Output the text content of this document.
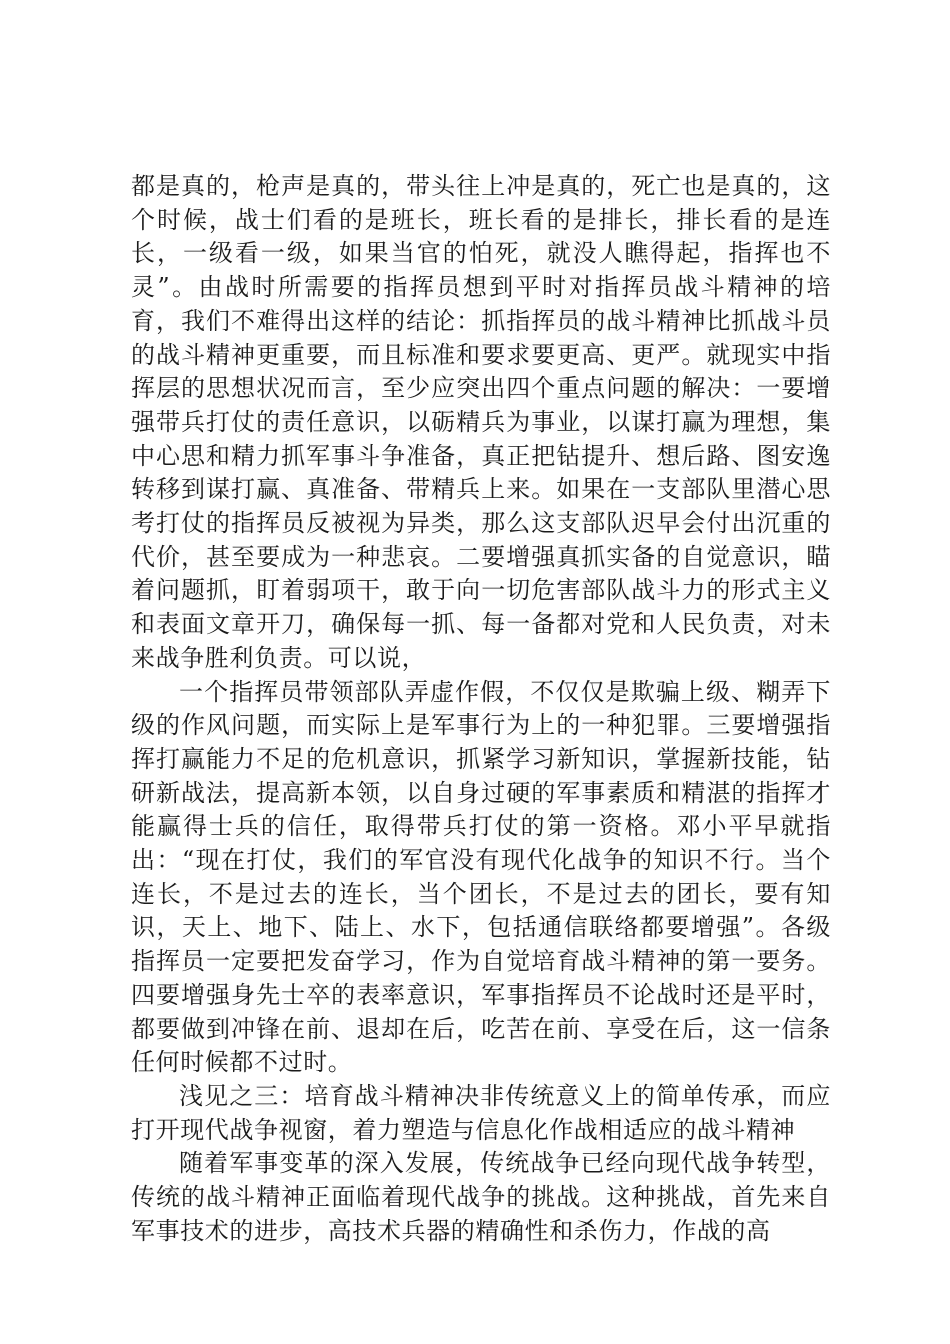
都是真的，枪声是真的，带头往上冲是真的，死亡也是真的，这个时候，战士们看的是班长，班长看的是排长，排长看的是连长，一级看一级，如果当官的怕死，就没人瞧得起，指挥也不灵”。由战时所需要的指挥员想到平时对指挥员战斗精神的培育，我们不难得出这样的结论：抓指挥员的战斗精神比抓战斗员的战斗精神更重要，而且标准和要求要更高、更严。就现实中指挥层的思想状况而言，至少应突出四个重点问题的解决：一要增强带兵打仗的责任意识，以砺精兵为事业，以谋打赢为理想，集中心思和精力抓军事斗争准备，真正把钻提升、想后路、图安逸转移到谋打赢、真准备、带精兵上来。如果在一支部队里潜心思考打仗的指挥员反被视为异类，那么这支部队迟早会付出沉重的代价，甚至要成为一种悲哀。二要增强真抓实备的自觉意识，瞄着问题抓，盯着弱项干，敢于向一切危害部队战斗力的形式主义和表面文章开刀，确保每一抓、每一备都对党和人民负责，对未来战争胜利负责。可以说，

一个指挥员带领部队弄虚作假，不仅仅是欺骗上级、糊弄下级的作风问题，而实际上是军事行为上的一种犯罪。三要增强指挥打赢能力不足的危机意识，抓紧学习新知识，掌握新技能，钻研新战法，提高新本领，以自身过硬的军事素质和精湛的指挥才能赢得士兵的信任，取得带兵打仗的第一资格。邓小平早就指出：“现在打仗，我们的军官没有现代化战争的知识不行。当个连长，不是过去的连长，当个团长，不是过去的团长，要有知识，天上、地下、陆上、水下，包括通信联络都要增强”。各级指挥员一定要把发奋学习，作为自觉培育战斗精神的第一要务。四要增强身先士卒的表率意识，军事指挥员不论战时还是平时，都要做到冲锋在前、退却在后，吃苦在前、享受在后，这一信条任何时候都不过时。

浅见之三：培育战斗精神决非传统意义上的简单传承，而应打开现代战争视窗，着力塑造与信息化作战相适应的战斗精神

随着军事变革的深入发展，传统战争已经向现代战争转型，传统的战斗精神正面临着现代战争的挑战。这种挑战，首先来自军事技术的进步，高技术兵器的精确性和杀伤力，作战的高
